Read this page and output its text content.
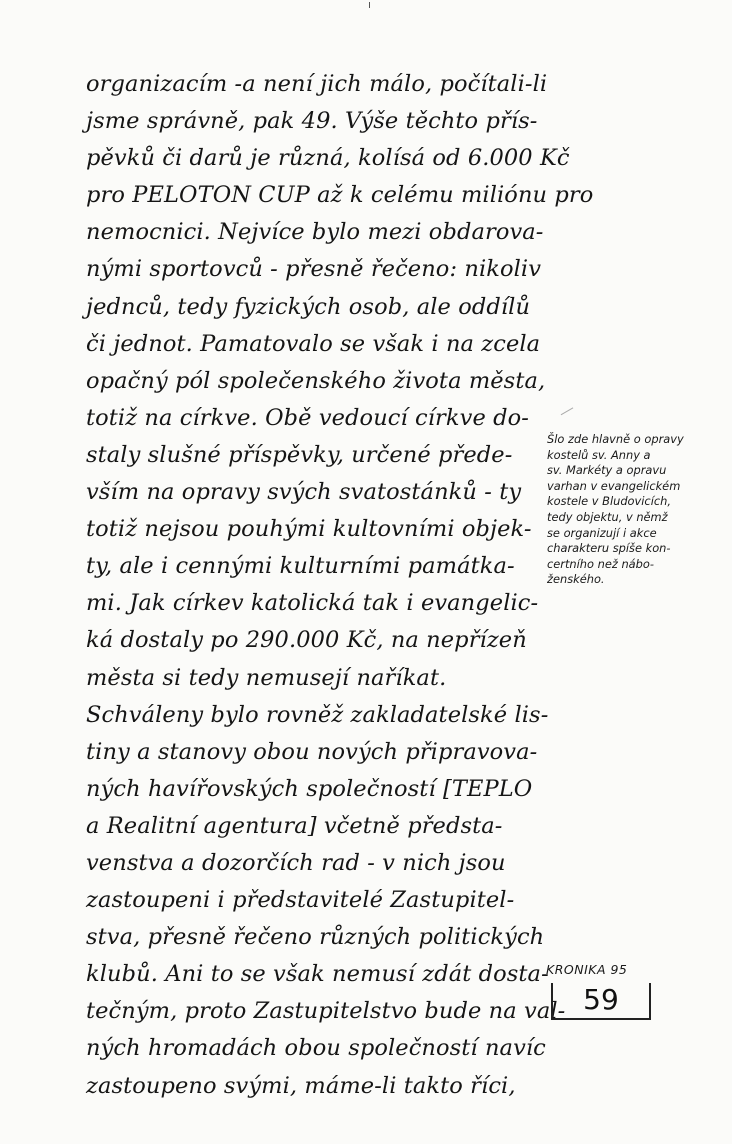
organizacím -a není jich málo, počítali-li
jsme správně, pak 49. Výše těchto přís-
pěvků či darů je různá, kolísá od 6.000 Kč
pro PELOTON CUP až k celému miliónu pro
nemocnici. Nejvíce bylo mezi obdarova-
nými sportovců - přesně řečeno: nikoliv
jednců, tedy fyzických osob, ale oddílů
či jednot. Pamatovalo se však i na zcela
opačný pól společenského života města,
totiž na církve. Obě vedoucí církve do-
staly slušné příspěvky, určené přede-
vším na opravy svých svatostánků - ty
totiž nejsou pouhými kultovními objek-
ty, ale i cennými kulturními památka-
mi. Jak církev katolická tak i evangelic-
ká dostaly po 290.000 Kč, na nepřízeň
města si tedy nemusejí naříkat.
Schváleny bylo rovněž zakladatelské lis-
tiny a stanovy obou nových připravova-
ných havířovských společností [TEPLO
a Realitní agentura] včetně předsta-
venstva a dozorčích rad - v nich jsou
zastoupeni i představitelé Zastupitel-
stva, přesně řečeno různých politických
klubů. Ani to se však nemusí zdát dosta-
tečným, proto Zastupitelstvo bude na val-
ných hromadách obou společností navíc
zastoupeno svými, máme-li takto říci,
Šlo zde hlavně o opravy
kostelů sv. Anny a
sv. Markéty a opravu
varhan v evangelickém
kostele v Bludovicích,
tedy objektu, v němž
se organizují i akce
charakteru spíše kon-
certního než nábo-
ženského.
KRONIKA 95
59
